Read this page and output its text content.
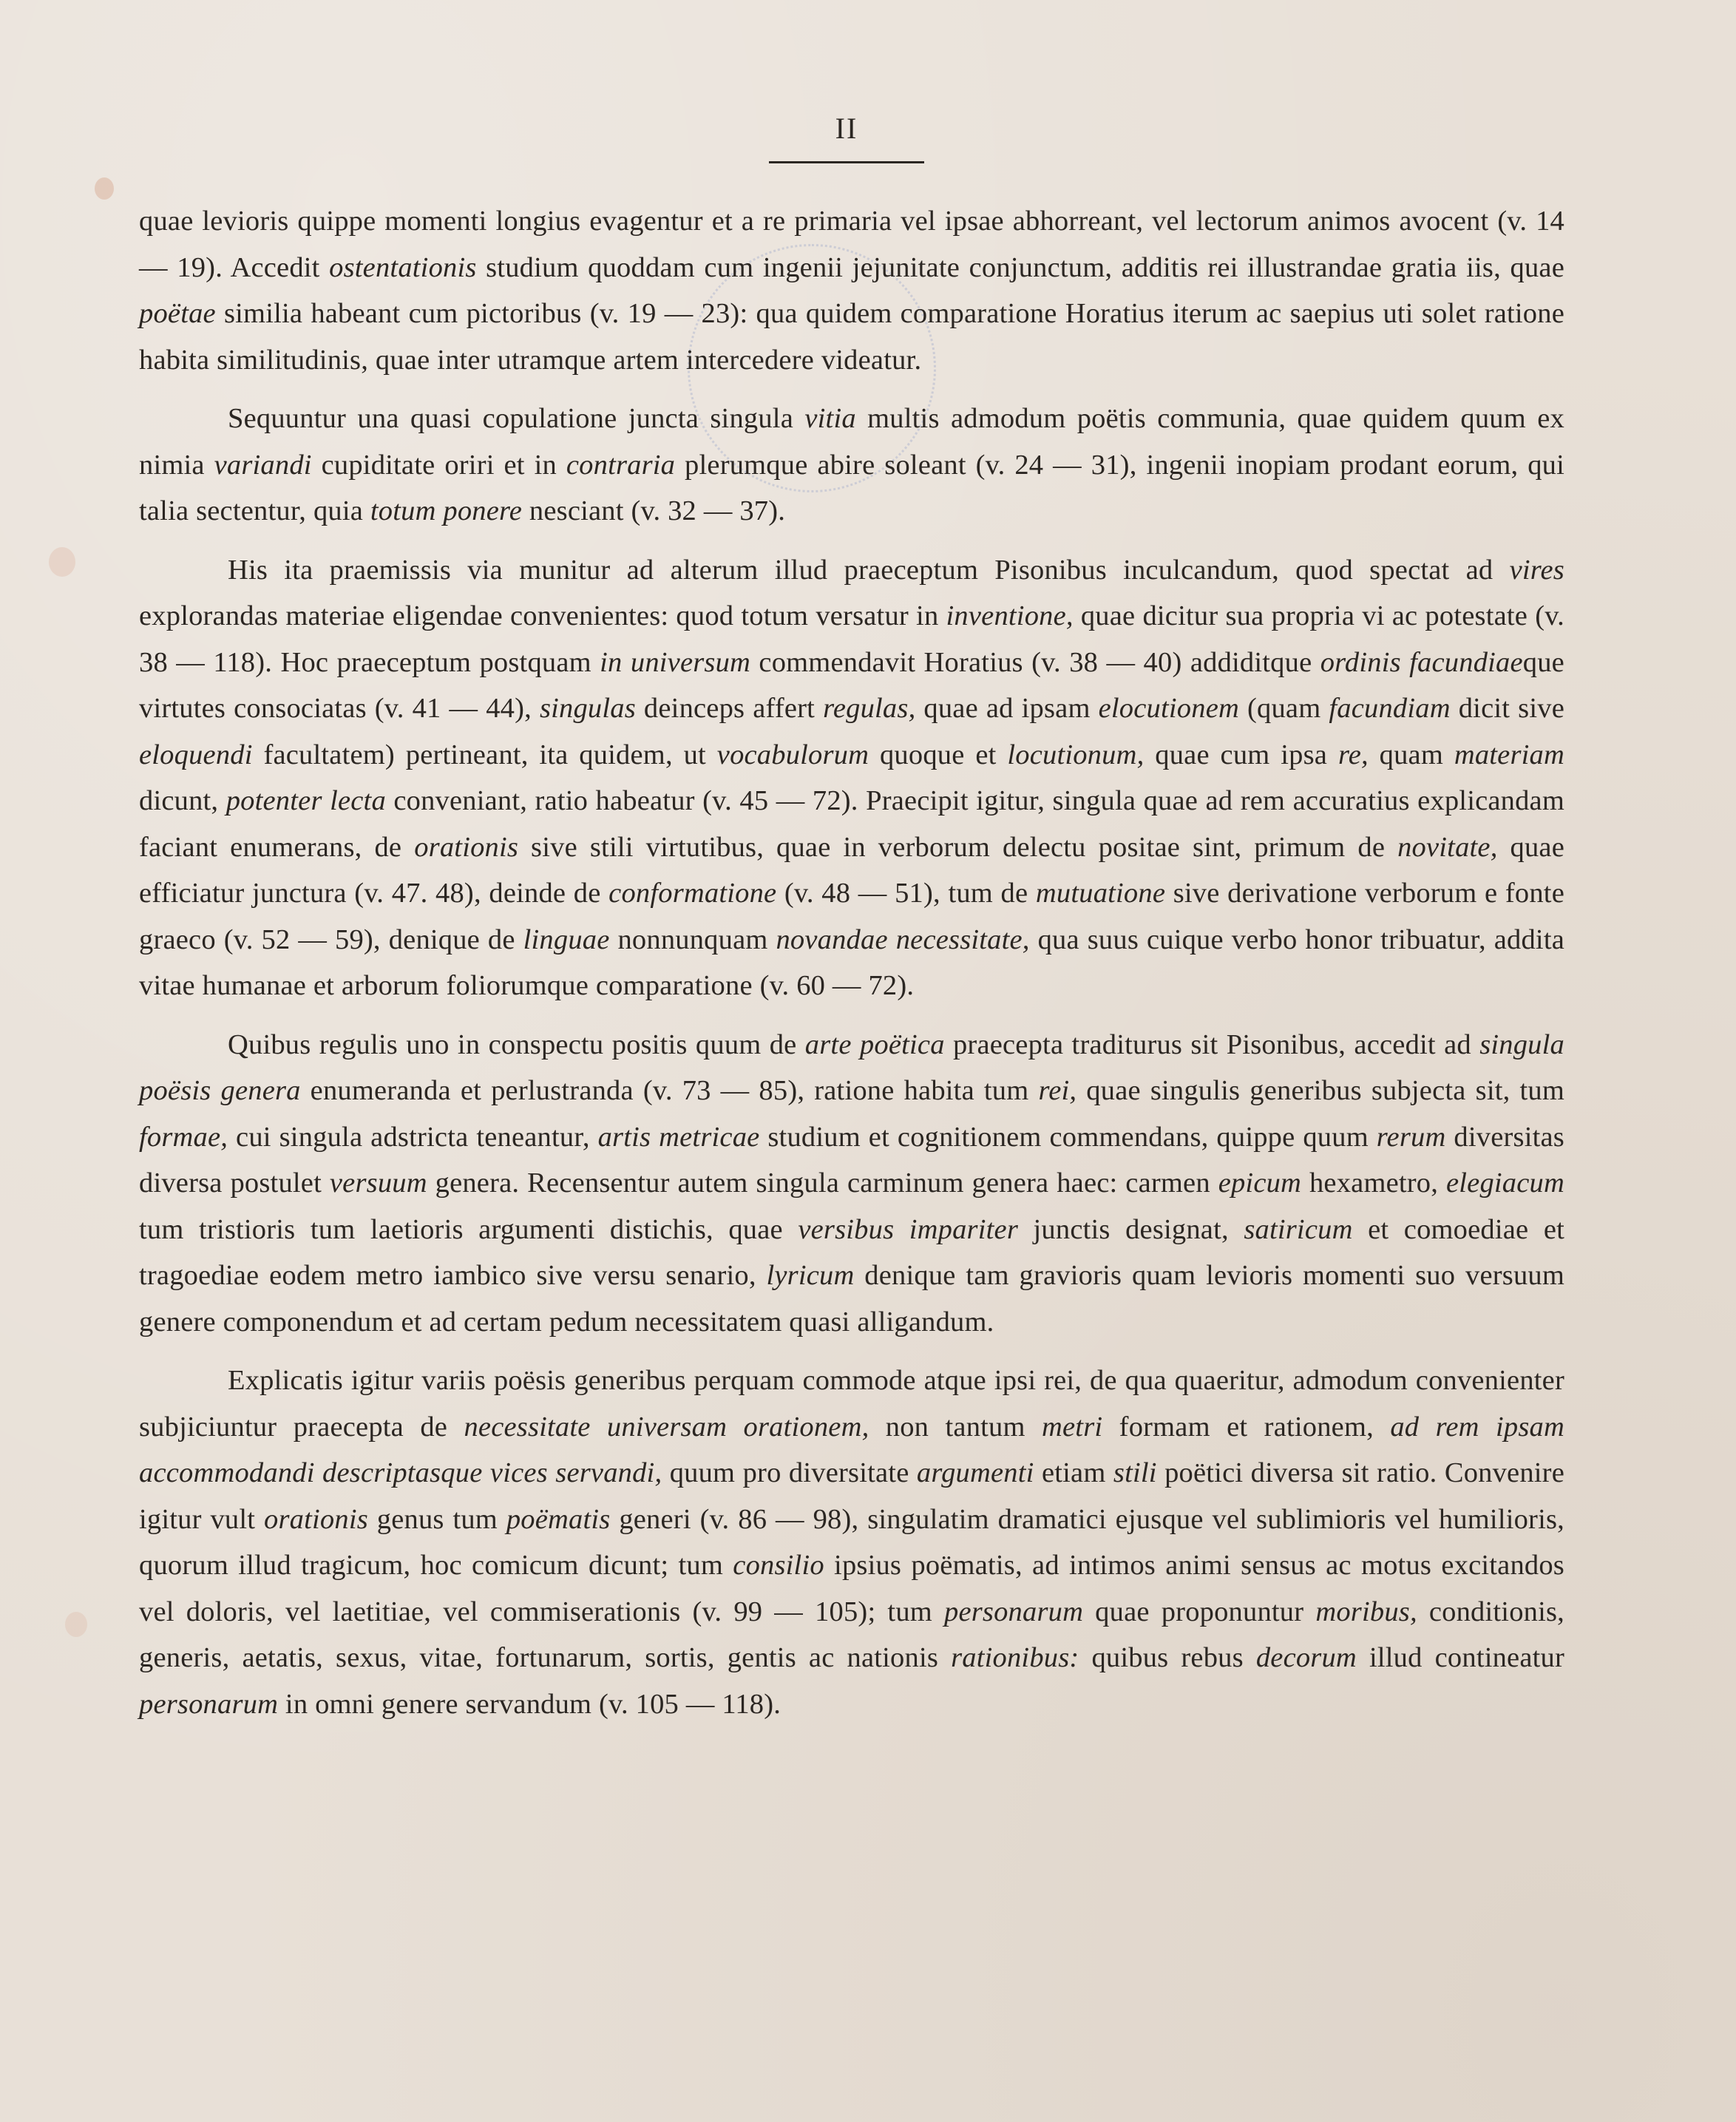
II

quae levioris quippe momenti longius evagentur et a re primaria vel ipsae abhorreant, vel lectorum animos avocent (v. 14 — 19). Accedit ostentationis studium quoddam cum ingenii jejunitate conjunctum, additis rei illustrandae gratia iis, quae poëtae similia habeant cum pictoribus (v. 19 — 23): qua quidem comparatione Horatius iterum ac saepius uti solet ratione habita similitudinis, quae inter utramque artem intercedere videatur.

Sequuntur una quasi copulatione juncta singula vitia multis admodum poëtis communia, quae quidem quum ex nimia variandi cupiditate oriri et in contraria plerumque abire soleant (v. 24 — 31), ingenii inopiam prodant eorum, qui talia sectentur, quia totum ponere nesciant (v. 32 — 37).

His ita praemissis via munitur ad alterum illud praeceptum Pisonibus inculcandum, quod spectat ad vires explorandas materiae eligendae convenientes: quod totum versatur in inventione, quae dicitur sua propria vi ac potestate (v. 38 — 118). Hoc praeceptum postquam in universum commendavit Horatius (v. 38 — 40) addiditque ordinis facundiaeque virtutes consociatas (v. 41 — 44), singulas deinceps affert regulas, quae ad ipsam elocutionem (quam facundiam dicit sive eloquendi facultatem) pertineant, ita quidem, ut vocabulorum quoque et locutionum, quae cum ipsa re, quam materiam dicunt, potenter lecta conveniant, ratio habeatur (v. 45 — 72). Praecipit igitur, singula quae ad rem accuratius explicandam faciant enumerans, de orationis sive stili virtutibus, quae in verborum delectu positae sint, primum de novitate, quae efficiatur junctura (v. 47. 48), deinde de conformatione (v. 48 — 51), tum de mutuatione sive derivatione verborum e fonte graeco (v. 52 — 59), denique de linguae nonnunquam novandae necessitate, qua suus cuique verbo honor tribuatur, addita vitae humanae et arborum foliorumque comparatione (v. 60 — 72).

Quibus regulis uno in conspectu positis quum de arte poëtica praecepta traditurus sit Pisonibus, accedit ad singula poësis genera enumeranda et perlustranda (v. 73 — 85), ratione habita tum rei, quae singulis generibus subjecta sit, tum formae, cui singula adstricta teneantur, artis metricae studium et cognitionem commendans, quippe quum rerum diversitas diversa postulet versuum genera. Recensentur autem singula carminum genera haec: carmen epicum hexametro, elegiacum tum tristioris tum laetioris argumenti distichis, quae versibus impariter junctis designat, satiricum et comoediae et tragoediae eodem metro iambico sive versu senario, lyricum denique tam gravioris quam levioris momenti suo versuum genere componendum et ad certam pedum necessitatem quasi alligandum.

Explicatis igitur variis poësis generibus perquam commode atque ipsi rei, de qua quaeritur, admodum convenienter subjiciuntur praecepta de necessitate universam orationem, non tantum metri formam et rationem, ad rem ipsam accommodandi descriptasque vices servandi, quum pro diversitate argumenti etiam stili poëtici diversa sit ratio. Convenire igitur vult orationis genus tum poëmatis generi (v. 86 — 98), singulatim dramatici ejusque vel sublimioris vel humilioris, quorum illud tragicum, hoc comicum dicunt; tum consilio ipsius poëmatis, ad intimos animi sensus ac motus excitandos vel doloris, vel laetitiae, vel commiserationis (v. 99 — 105); tum personarum quae proponuntur moribus, conditionis, generis, aetatis, sexus, vitae, fortunarum, sortis, gentis ac nationis rationibus: quibus rebus decorum illud contineatur personarum in omni genere servandum (v. 105 — 118).
